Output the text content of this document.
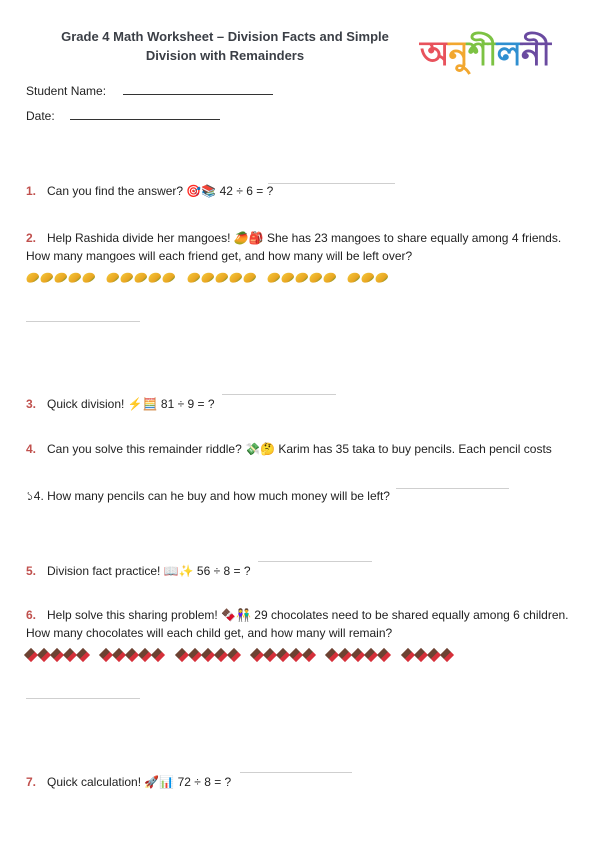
Grade 4 Math Worksheet – Division Facts and Simple Division with Remainders	অনুশীলনী
Student Name:
Date:
1. Can you find the answer? 🎯📚 42 ÷ 6 = ?
2. Help Rashida divide her mangoes! 🥭🎒 She has 23 mangoes to share equally among 4 friends. How many mangoes will each friend get, and how many will be left over?

3. Quick division! ⚡🧮 81 ÷ 9 = ?
4. Can you solve this remainder riddle? 💸🤔 Karim has 35 taka to buy pencils. Each pencil costs
১4. How many pencils can he buy and how much money will be left?
5. Division fact practice! 📖✨ 56 ÷ 8 = ?
6. Help solve this sharing problem! 🍫👫 29 chocolates need to be shared equally among 6 children. How many chocolates will each child get, and how many will remain?

7. Quick calculation! 🚀📊 72 ÷ 8 = ?
